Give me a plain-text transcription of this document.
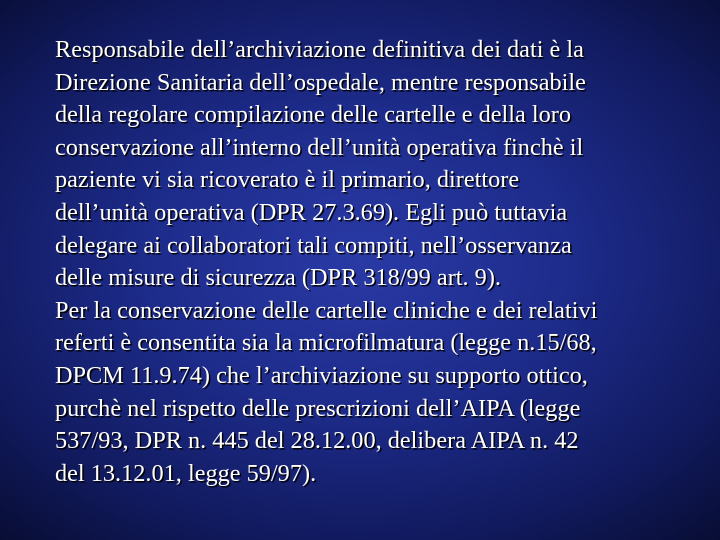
Responsabile dell’archiviazione definitiva dei dati è la
Direzione Sanitaria dell’ospedale, mentre responsabile
della regolare compilazione delle cartelle e della loro
conservazione all’interno dell’unità operativa finchè il
paziente vi sia ricoverato è il primario, direttore
dell’unità operativa (DPR 27.3.69). Egli può tuttavia
delegare ai collaboratori tali compiti, nell’osservanza
delle misure di sicurezza (DPR 318/99 art. 9).
Per la conservazione delle cartelle cliniche e dei relativi
referti è consentita sia la microfilmatura (legge n.15/68,
DPCM 11.9.74) che l’archiviazione su supporto ottico,
purchè nel rispetto delle prescrizioni dell’AIPA (legge
537/93, DPR n. 445 del 28.12.00, delibera AIPA n. 42
del 13.12.01, legge 59/97).
